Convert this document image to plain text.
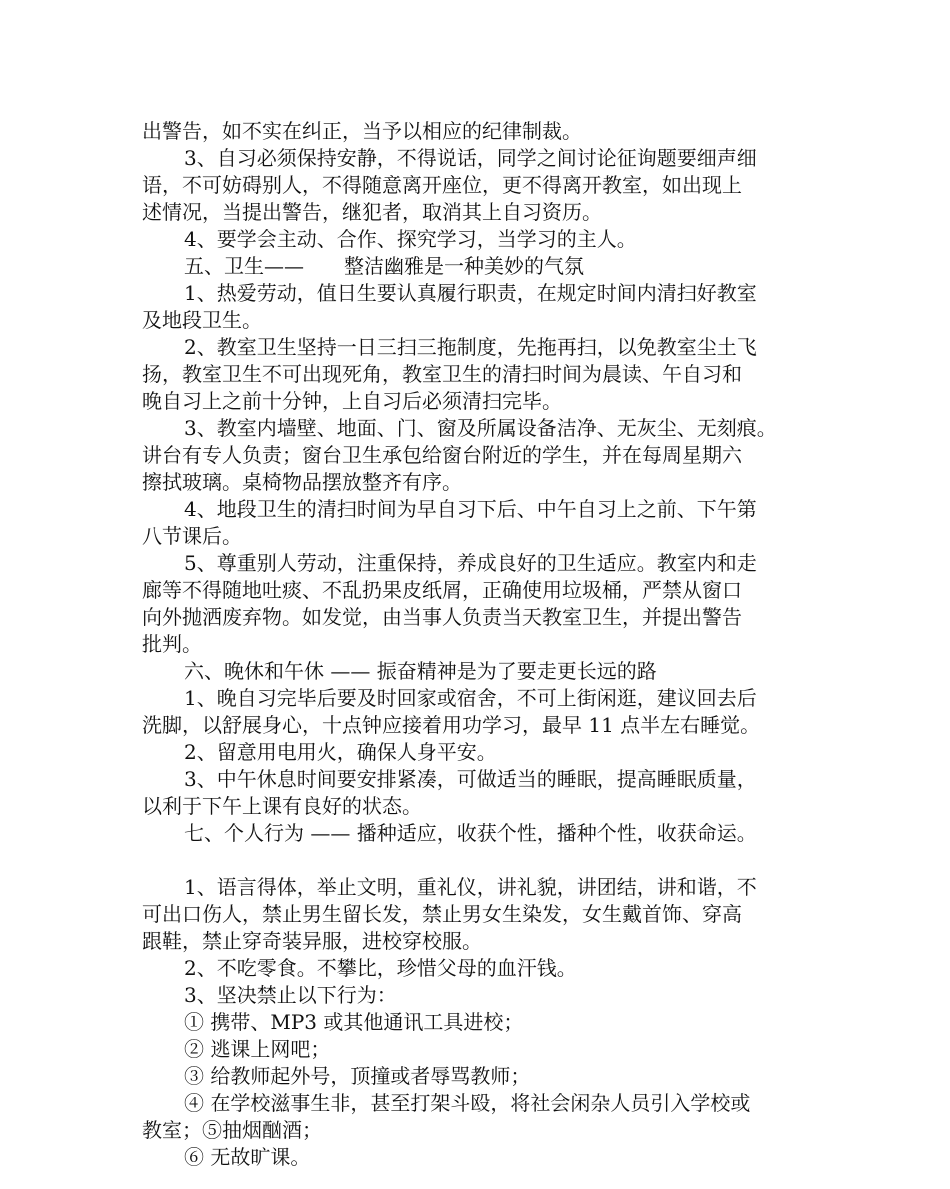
出警告，如不实在纠正，当予以相应的纪律制裁。
3、自习必须保持安静，不得说话，同学之间讨论征询题要细声细
语，不可妨碍别人，不得随意离开座位，更不得离开教室，如出现上
述情况，当提出警告，继犯者，取消其上自习资历。
4、要学会主动、合作、探究学习，当学习的主人。
五、卫生——　　整洁幽雅是一种美妙的气氛
1、热爱劳动，值日生要认真履行职责，在规定时间内清扫好教室
及地段卫生。
2、教室卫生坚持一日三扫三拖制度，先拖再扫，以免教室尘土飞
扬，教室卫生不可出现死角，教室卫生的清扫时间为晨读、午自习和
晚自习上之前十分钟，上自习后必须清扫完毕。
3、教室内墙壁、地面、门、窗及所属设备洁净、无灰尘、无刻痕。
讲台有专人负责；窗台卫生承包给窗台附近的学生，并在每周星期六
擦拭玻璃。桌椅物品摆放整齐有序。
4、地段卫生的清扫时间为早自习下后、中午自习上之前、下午第
八节课后。
5、尊重别人劳动，注重保持，养成良好的卫生适应。教室内和走
廊等不得随地吐痰、不乱扔果皮纸屑，正确使用垃圾桶，严禁从窗口
向外抛洒废弃物。如发觉，由当事人负责当天教室卫生，并提出警告
批判。
六、晚休和午休 —— 振奋精神是为了要走更长远的路
1、晚自习完毕后要及时回家或宿舍，不可上街闲逛，建议回去后
洗脚，以舒展身心，十点钟应接着用功学习，最早 11 点半左右睡觉。
2、留意用电用火，确保人身平安。
3、中午休息时间要安排紧凑，可做适当的睡眠，提高睡眠质量，
以利于下午上课有良好的状态。
七、个人行为 —— 播种适应，收获个性，播种个性，收获命运。
1、语言得体，举止文明，重礼仪，讲礼貌，讲团结，讲和谐，不
可出口伤人，禁止男生留长发，禁止男女生染发，女生戴首饰、穿高
跟鞋，禁止穿奇装异服，进校穿校服。
2、不吃零食。不攀比，珍惜父母的血汗钱。
3、坚决禁止以下行为：
① 携带、MP3 或其他通讯工具进校；
② 逃课上网吧；
③ 给教师起外号，顶撞或者辱骂教师；
④ 在学校滋事生非，甚至打架斗殴，将社会闲杂人员引入学校或
教室；⑤抽烟酗酒；
⑥ 无故旷课。
